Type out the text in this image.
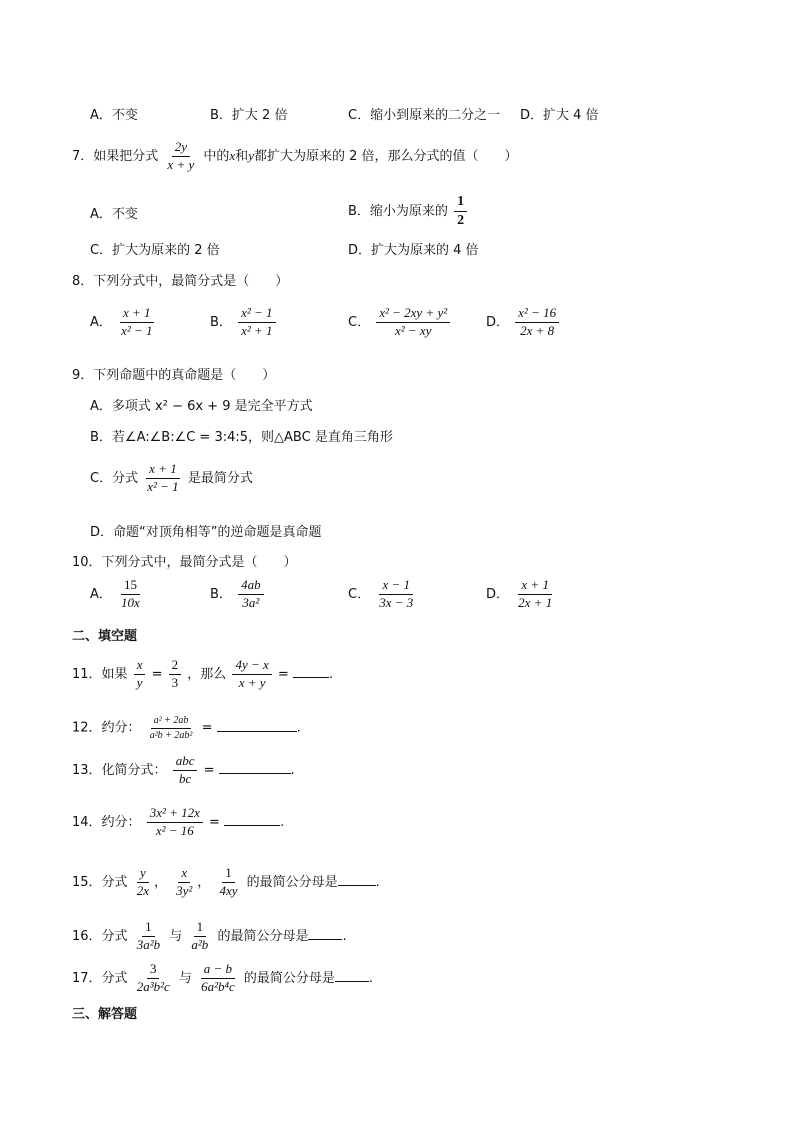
A．不变	B．扩大 2 倍	C．缩小到原来的二分之一 D．扩大 4 倍
7．如果把分式 $\frac{2y}{x + y}$ 中的x和y都扩大为原来的 2 倍，那么分式的值（　　）
A．不变	B．缩小为原来的 $\frac{1}{2}$
C．扩大为原来的 2 倍	D．扩大为原来的 4 倍
8．下列分式中，最简分式是（　　）
A． $\frac{x + 1}{\text{x² − 1}}$	B． $\frac{\text{x² − 1}}{\text{x² + 1}}$	C． $\frac{\text{x² − 2xy + y²}}{\text{x² − xy}}$	D． $\frac{\text{x² − 16}}{2x + 8}$
9．下列命题中的真命题是（　　）
A．多项式 x² − 6x + 9 是完全平方式
B．若∠A:∠B:∠C = 3:4:5，则△ABC 是直角三角形
C．分式 $\frac{x + 1}{\text{x² − 1}}$ 是最简分式
D．命题“对顶角相等”的逆命题是真命题
10．下列分式中，最简分式是（　　）
A． $\frac{15}{10x}$	B． $\frac{4ab}{\text{3a²}}$	C． $\frac{x - 1}{3x - 3}$	D． $\frac{x + 1}{2x + 1}$
二、填空题
11．如果 $\frac{x}{y} = \frac{2}{3}$ ，那么 $\frac{4y - x}{x + y}$ =	.
12．约分： $\frac{\text{a² + 2ab}}{\text{a²b + 2ab²}}$ =	.
13．化简分式： $\frac{\text{abc}}{bc}$ =	.
14．约分： $\frac{\text{3x² + 12x}}{\text{x² − 16}}$ =	.
15．分式 $\frac{y}{2x}$ ， $\frac{x}{\text{3y²}}$ ， $\frac{1}{4xy}$ 的最简公分母是	.
16．分式 $\frac{1}{\text{3a²b}}$ 与 $\frac{1}{\text{a²b}}$ 的最简公分母是	.
17．分式 $\frac{3}{\text{2a³b²c}}$ 与 $\frac{a - b}{\text{6a²b⁴c}}$ 的最简公分母是	.
三、解答题
